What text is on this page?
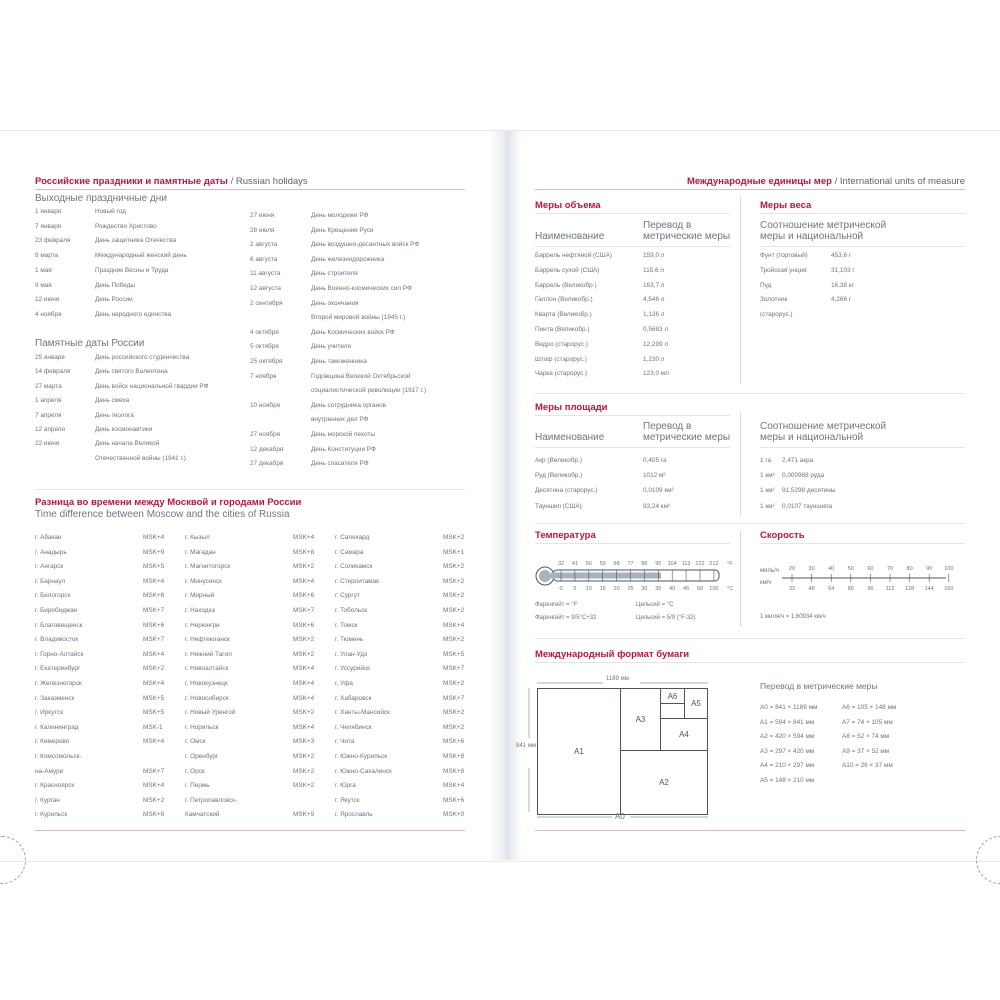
Российские праздники и памятные даты / Russian holidays
Выходные праздничные дни
1 января	Новый год
7 января	Рождество Христово
23 февраля	День защитника Отечества
8 марта	Международный женский день
1 мая	Праздник Весны и Труда
9 мая	День Победы
12 июня	День России
4 ноября	День народного единства
Памятные даты России
25 января	День российского студенчества
14 февраля	День святого Валентина
27 марта	День войск национальной гвардии РФ
1 апреля	День смеха
7 апреля	День геолога
12 апреля	День космонавтики
22 июня	День начала Великой
Отечественной войны (1941 г.)
27 июня	День молодежи РФ
28 июля	День Крещения Руси
2 августа	День воздушно-десантных войск РФ
6 августа	День железнодорожника
11 августа	День строителя
12 августа	День Военно-космических сил РФ
2 сентября	День окончания
Второй мировой войны (1945 г.)
4 октября	День Космических войск РФ
5 октября	День учителя
25 октября	День таможенника
7 ноября	Годовщина Великой Октябрьской
социалистической революции (1917 г.)
10 ноября	День сотрудника органов
внутренних дел РФ
27 ноября	День морской пехоты
12 декабря	День Конституции РФ
27 декабря	День спасателя РФ
Разница во времени между Москвой и городами России
Time difference between Moscow and the cities of Russia
г. Абакан	MSK+4
г. Анадырь	MSK+9
г. Ангарск	MSK+5
г. Барнаул	MSK+4
г. Белогорск	MSK+6
г. Биробиджан	MSK+7
г. Благовещенск	MSK+6
г. Владивосток	MSK+7
г. Горно-Алтайск	MSK+4
г. Екатеринбург	MSK+2
г. Железногорск	MSK+4
г. Заказменск	MSK+5
г. Иркутск	MSK+5
г. Калининград	MSK-1
г. Кемерово	MSK+4
г. Комсомольск-
на-Амуре	MSK+7
г. Красноярск	MSK+4
г. Курган	MSK+2
г. Курильск	MSK+8
г. Кызыл	MSK+4
г. Магадан	MSK+8
г. Магнитогорск	MSK+2
г. Минусинск	MSK+4
г. Мирный	MSK+6
г. Находка	MSK+7
г. Нерюнгри	MSK+6
г. Нефтеюганск	MSK+2
г. Нижний Тагил	MSK+2
г. Новоалтайск	MSK+4
г. Новокузнецк	MSK+4
г. Новосибирск	MSK+4
г. Новый Уренгой	MSK+2
г. Норильск	MSK+4
г. Омск	MSK+3
г. Оренбург	MSK+2
г. Орск	MSK+2
г. Пермь	MSK+2
г. Петропавловск-
Камчатский	MSK+9
г. Салехард	MSK+2
г. Самара	MSK+1
г. Соликамск	MSK+2
г. Стерлитамак	MSK+2
г. Сургут	MSK+2
г. Тобольск	MSK+2
г. Томск	MSK+4
г. Тюмень	MSK+2
г. Улан-Удэ	MSK+5
г. Уссурийск	MSK+7
г. Уфа	MSK+2
г. Хабаровск	MSK+7
г. Ханты-Мансийск	MSK+2
г. Челябинск	MSK+2
г. Чита	MSK+6
г. Южно-Курильск	MSK+8
г. Южно-Сахалинск	MSK+8
г. Юрга	MSK+4
г. Якутск	MSK+6
г. Ярославль	MSK+0
Международные единицы мер / International units of measure
Меры объема
Наименование
Перевод в метрические меры
Баррель нефтяной (США)	159,0 л
Баррель сухой (США)	115,6 л
Баррель (Великобр.)	163,7 л
Галлон (Великобр.)	4,546 л
Кварта (Великобр.)	1,136 л
Пинта (Великобр.)	0,5683 л
Ведро (старорус.)	12,299 л
Штоф (старорус.)	1,230 л
Чарка (старорус.)	123,0 мл
Меры веса
Соотношение метрической меры и национальной
Фунт (торговый)	453,6 г
Тройская унция	31,103 г
Пуд	16,38 кг
Золотник	4,266 г
(старорус.)
Меры площади
Наименование
Перевод в метрические меры
Акр (Великобр.)	0,405 га
Руд (Великобр.)	1012 м²
Десятина (старорус.)	0,0109 км²
Тауншип (США)	93,24 км²
Соотношение метрической меры и национальной
1 га 2,471 акра
1 км² 0,000988 руда
1 км² 91,5298 десятины
1 км² 0,0107 тауншипа
Температура
32
0
41
5
50
10
59
15
68
20
77
25
86
30
95
35
104
40
113
45
122
50
212
100
°F
°C
Фаренгейт = °F	Цельсий = °C
Фаренгейт = 9/5°C+32	Цельсий = 5/9 (°F-32)
Скорость
20
32
30
48
40
64
50
80
60
96
70
112
80
128
90
144
100
160
миль/ч
км/ч
1 миля/ч = 1,60934 км/ч
Международный формат бумаги
1189 мм
841 мм
A1
A2
A3
A4
A5
A6
A0
Перевод в метрические меры
A0 = 841 × 1189 мм
A1 = 594 × 841 мм
A2 = 420 × 594 мм
A3 = 297 × 420 мм
A4 = 210 × 297 мм
A5 = 148 × 210 мм
A6 = 105 × 148 мм
A7 = 74 × 105 мм
A8 = 52 × 74 мм
A9 = 37 × 52 мм
A10 = 26 × 37 мм
